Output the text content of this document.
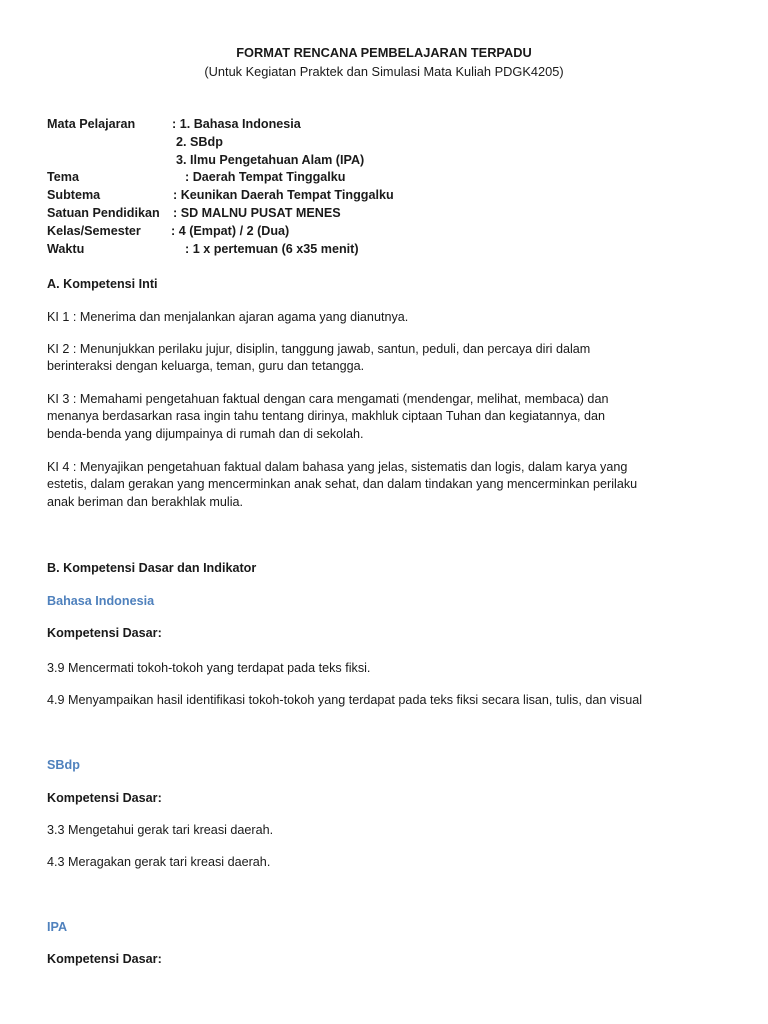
FORMAT RENCANA PEMBELAJARAN TERPADU
(Untuk Kegiatan Praktek dan Simulasi Mata Kuliah PDGK4205)
Mata Pelajaran	: 1. Bahasa Indonesia
2. SBdp
3. Ilmu Pengetahuan Alam (IPA)
Tema	: Daerah Tempat Tinggalku
Subtema	: Keunikan Daerah Tempat Tinggalku
Satuan Pendidikan : SD MALNU PUSAT MENES
Kelas/Semester : 4 (Empat) / 2 (Dua)
Waktu	: 1 x pertemuan (6 x35 menit)
A. Kompetensi Inti
KI 1 : Menerima dan menjalankan ajaran agama yang dianutnya.
KI 2 : Menunjukkan perilaku jujur, disiplin, tanggung jawab, santun, peduli, dan percaya diri dalam
berinteraksi dengan keluarga, teman, guru dan tetangga.
KI 3 : Memahami pengetahuan faktual dengan cara mengamati (mendengar, melihat, membaca) dan
menanya berdasarkan rasa ingin tahu tentang dirinya, makhluk ciptaan Tuhan dan kegiatannya, dan
benda-benda yang dijumpainya di rumah dan di sekolah.
KI 4 : Menyajikan pengetahuan faktual dalam bahasa yang jelas, sistematis dan logis, dalam karya yang
estetis, dalam gerakan yang mencerminkan anak sehat, dan dalam tindakan yang mencerminkan perilaku
anak beriman dan berakhlak mulia.
B. Kompetensi Dasar dan Indikator
Bahasa Indonesia
Kompetensi Dasar:
3.9 Mencermati tokoh-tokoh yang terdapat pada teks fiksi.
4.9 Menyampaikan hasil identifikasi tokoh-tokoh yang terdapat pada teks fiksi secara lisan, tulis, dan visual
SBdp
Kompetensi Dasar:
3.3 Mengetahui gerak tari kreasi daerah.
4.3 Meragakan gerak tari kreasi daerah.
IPA
Kompetensi Dasar:
